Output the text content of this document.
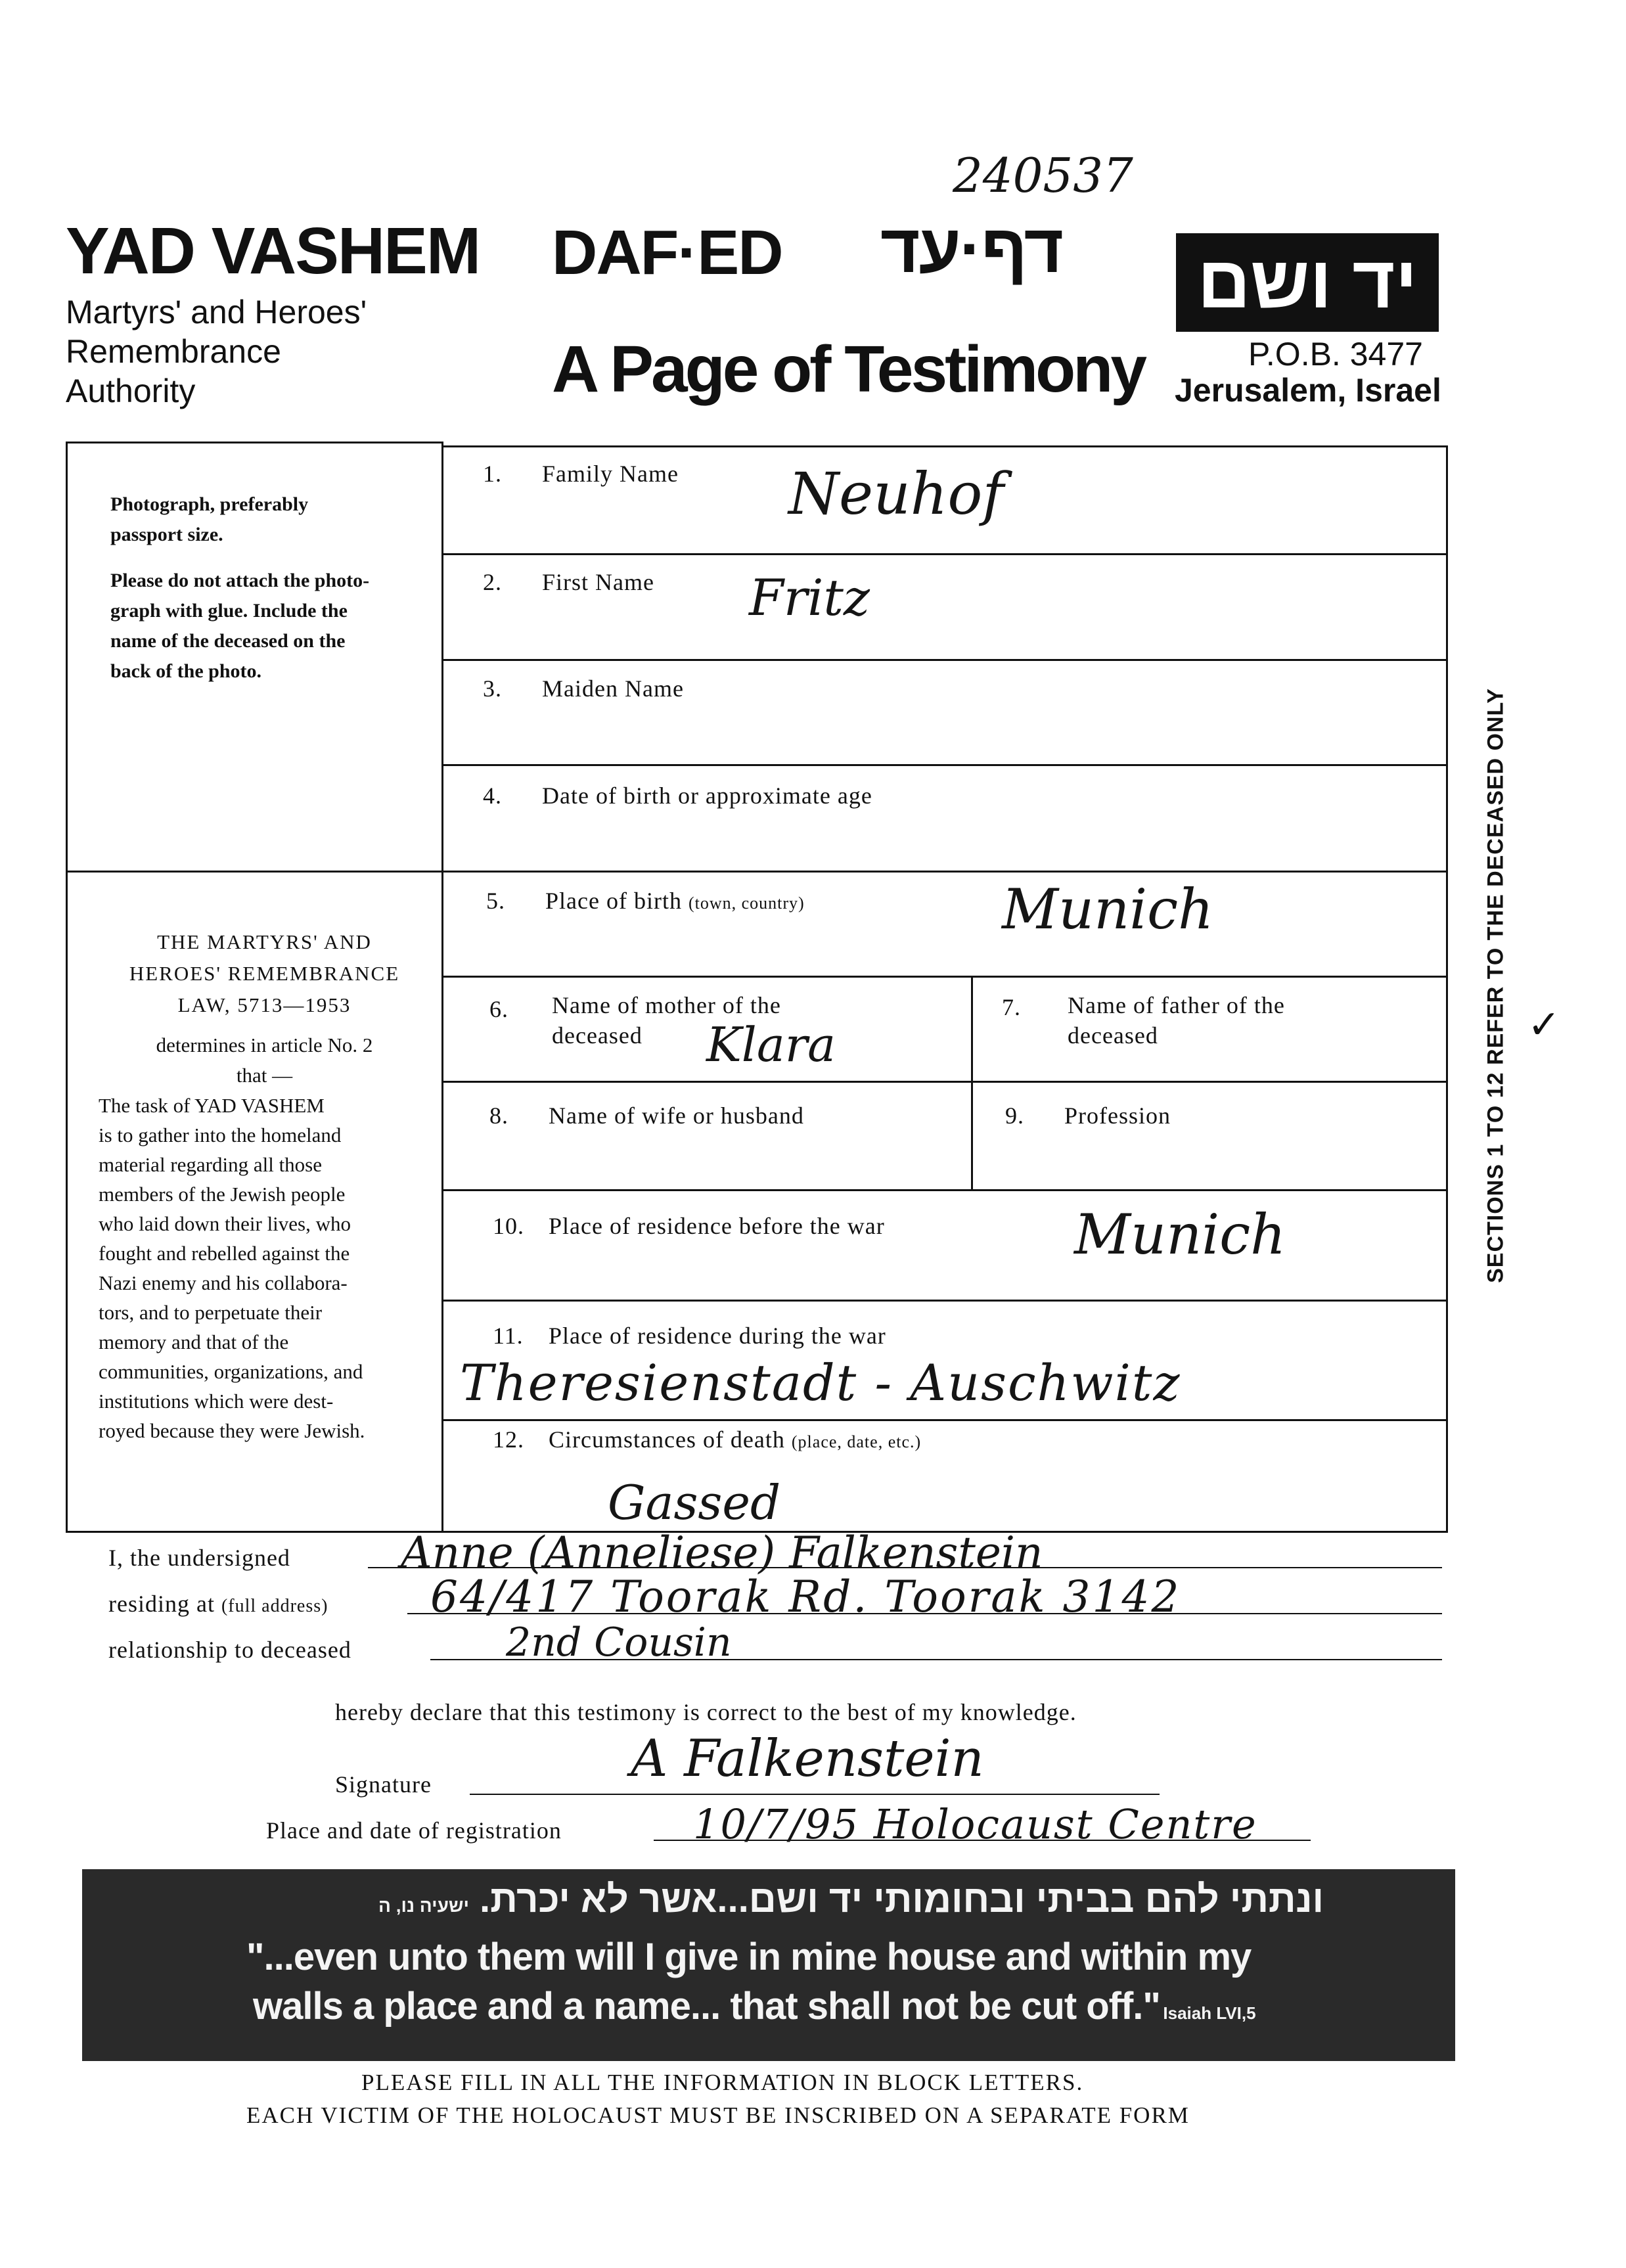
240537
YAD VASHEM
Martyrs' and Heroes'
Remembrance
Authority
DAF·ED דף·עד
A Page of Testimony
יד ושם
P.O.B. 3477
Jerusalem, Israel
Photograph, preferably
passport size.
Please do not attach the photo-
graph with glue. Include the
name of the deceased on the
back of the photo.
THE MARTYRS' AND
HEROES' REMEMBRANCE
LAW, 5713—1953
determines in article No. 2
that —
The task of YAD VASHEM
is to gather into the homeland
material regarding all those
members of the Jewish people
who laid down their lives, who
fought and rebelled against the
Nazi enemy and his collabora-
tors, and to perpetuate their
memory and that of the
communities, organizations, and
institutions which were dest-
royed because they were Jewish.
1. Family Name Neuhof
2. First Name Fritz
3. Maiden Name
4. Date of birth or approximate age
5. Place of birth (town, country)	Munich
6. Name of mother of the
deceased	Klara
7. Name of father of the
deceased
8. Name of wife or husband	9. Profession
10. Place of residence before the war	Munich
11. Place of residence during the war
Theresienstadt - Auschwitz
12. Circumstances of death (place, date, etc.)
Gassed
SECTIONS 1 TO 12 REFER TO THE DECEASED ONLY ✓
I, the undersigned	Anne (Anneliese) Falkenstein
residing at (full address) 64/417 Toorak Rd. Toorak 3142
relationship to deceased	2nd Cousin
hereby declare that this testimony is correct to the best of my knowledge.
Signature	A Falkenstein
Place and date of registration	10/7/95 Holocaust Centre
ונתתי להם בביתי ובחומותי יד ושם...אשר לא יכרת. ישעיה נו, ה
"...even unto them will I give in mine house and within my
walls a place and a name... that shall not be cut off." Isaiah LVI,5
PLEASE FILL IN ALL THE INFORMATION IN BLOCK LETTERS.
EACH VICTIM OF THE HOLOCAUST MUST BE INSCRIBED ON A SEPARATE FORM
